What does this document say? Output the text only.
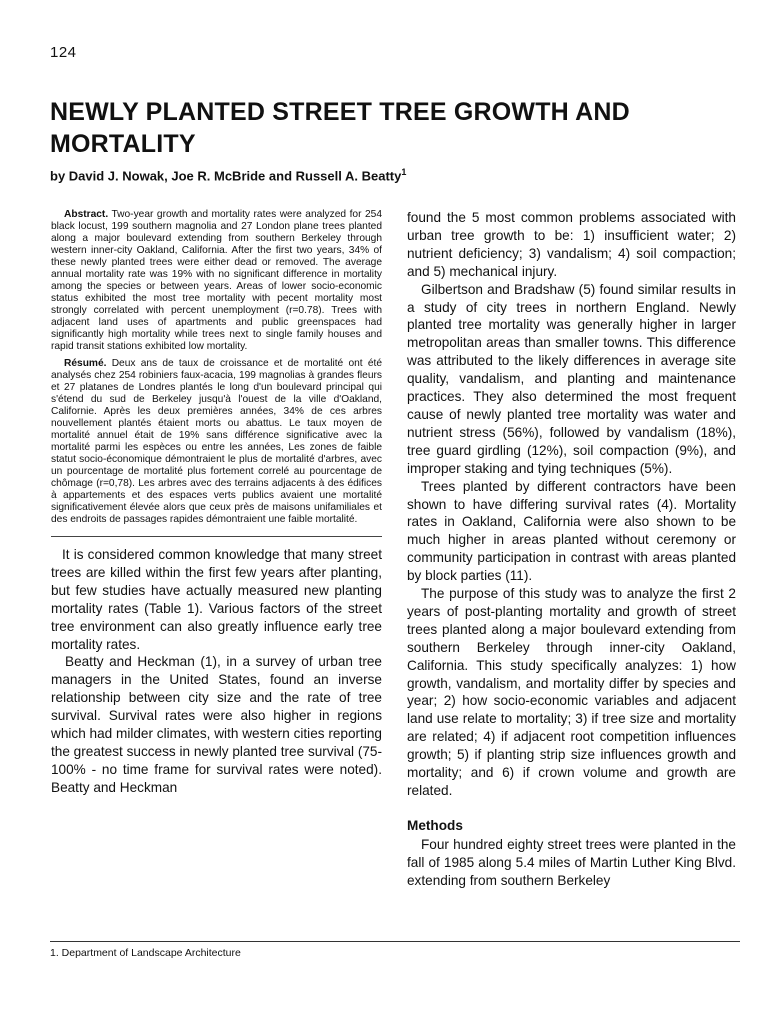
124
NEWLY PLANTED STREET TREE GROWTH AND MORTALITY
by David J. Nowak, Joe R. McBride and Russell A. Beatty$^1$

Abstract. Two-year growth and mortality rates were analyzed for 254 black locust, 199 southern magnolia and 27 London plane trees planted along a major boulevard extending from southern Berkeley through western inner-city Oakland, California. After the first two years, 34% of these newly planted trees were either dead or removed. The average annual mortality rate was 19% with no significant difference in mortality among the species or between years. Areas of lower socio-economic status exhibited the most tree mortality with pecent mortality most strongly correlated with percent unemployment (r=0.78). Trees with adjacent land uses of apartments and public greenspaces had significantly high mortality while trees next to single family houses and rapid transit stations exhibited low mortality.

Résumé. Deux ans de taux de croissance et de mortalité ont été analysés chez 254 robiniers faux-acacia, 199 magnolias à grandes fleurs et 27 platanes de Londres plantés le long d'un boulevard principal qui s'étend du sud de Berkeley jusqu'à l'ouest de la ville d'Oakland, Californie. Après les deux premières années, 34% de ces arbres nouvellement plantés étaient morts ou abattus. Le taux moyen de mortalité annuel était de 19% sans différence significative avec la mortalité parmi les espèces ou entre les années, Les zones de faible statut socio-économique démontraient le plus de mortalité d'arbres, avec un pourcentage de mortalité plus fortement correlé au pourcentage de chômage (r=0,78). Les arbres avec des terrains adjacents à des édifices à appartements et des espaces verts publics avaient une mortalité significativement élevée alors que ceux près de maisons unifamiliales et des endroits de passages rapides démontraient une faible mortalité.

It is considered common knowledge that many street trees are killed within the first few years after planting, but few studies have actually measured new planting mortality rates (Table 1). Various factors of the street tree environment can also greatly influence early tree mortality rates.

Beatty and Heckman (1), in a survey of urban tree managers in the United States, found an inverse relationship between city size and the rate of tree survival. Survival rates were also higher in regions which had milder climates, with western cities reporting the greatest success in newly planted tree survival (75-100% - no time frame for survival rates were noted). Beatty and Heckman

found the 5 most common problems associated with urban tree growth to be: 1) insufficient water; 2) nutrient deficiency; 3) vandalism; 4) soil compaction; and 5) mechanical injury.

Gilbertson and Bradshaw (5) found similar results in a study of city trees in northern England. Newly planted tree mortality was generally higher in larger metropolitan areas than smaller towns. This difference was attributed to the likely differences in average site quality, vandalism, and planting and maintenance practices. They also determined the most frequent cause of newly planted tree mortality was water and nutrient stress (56%), followed by vandalism (18%), tree guard girdling (12%), soil compaction (9%), and improper staking and tying techniques (5%).

Trees planted by different contractors have been shown to have differing survival rates (4). Mortality rates in Oakland, California were also shown to be much higher in areas planted without ceremony or community participation in contrast with areas planted by block parties (11).

The purpose of this study was to analyze the first 2 years of post-planting mortality and growth of street trees planted along a major boulevard extending from southern Berkeley through inner-city Oakland, California. This study specifically analyzes: 1) how growth, vandalism, and mortality differ by species and year; 2) how socio-economic variables and adjacent land use relate to mortality; 3) if tree size and mortality are related; 4) if adjacent root competition influences growth; 5) if planting strip size influences growth and mortality; and 6) if crown volume and growth are related.

Methods

Four hundred eighty street trees were planted in the fall of 1985 along 5.4 miles of Martin Luther King Blvd. extending from southern Berkeley

1. Department of Landscape Architecture
